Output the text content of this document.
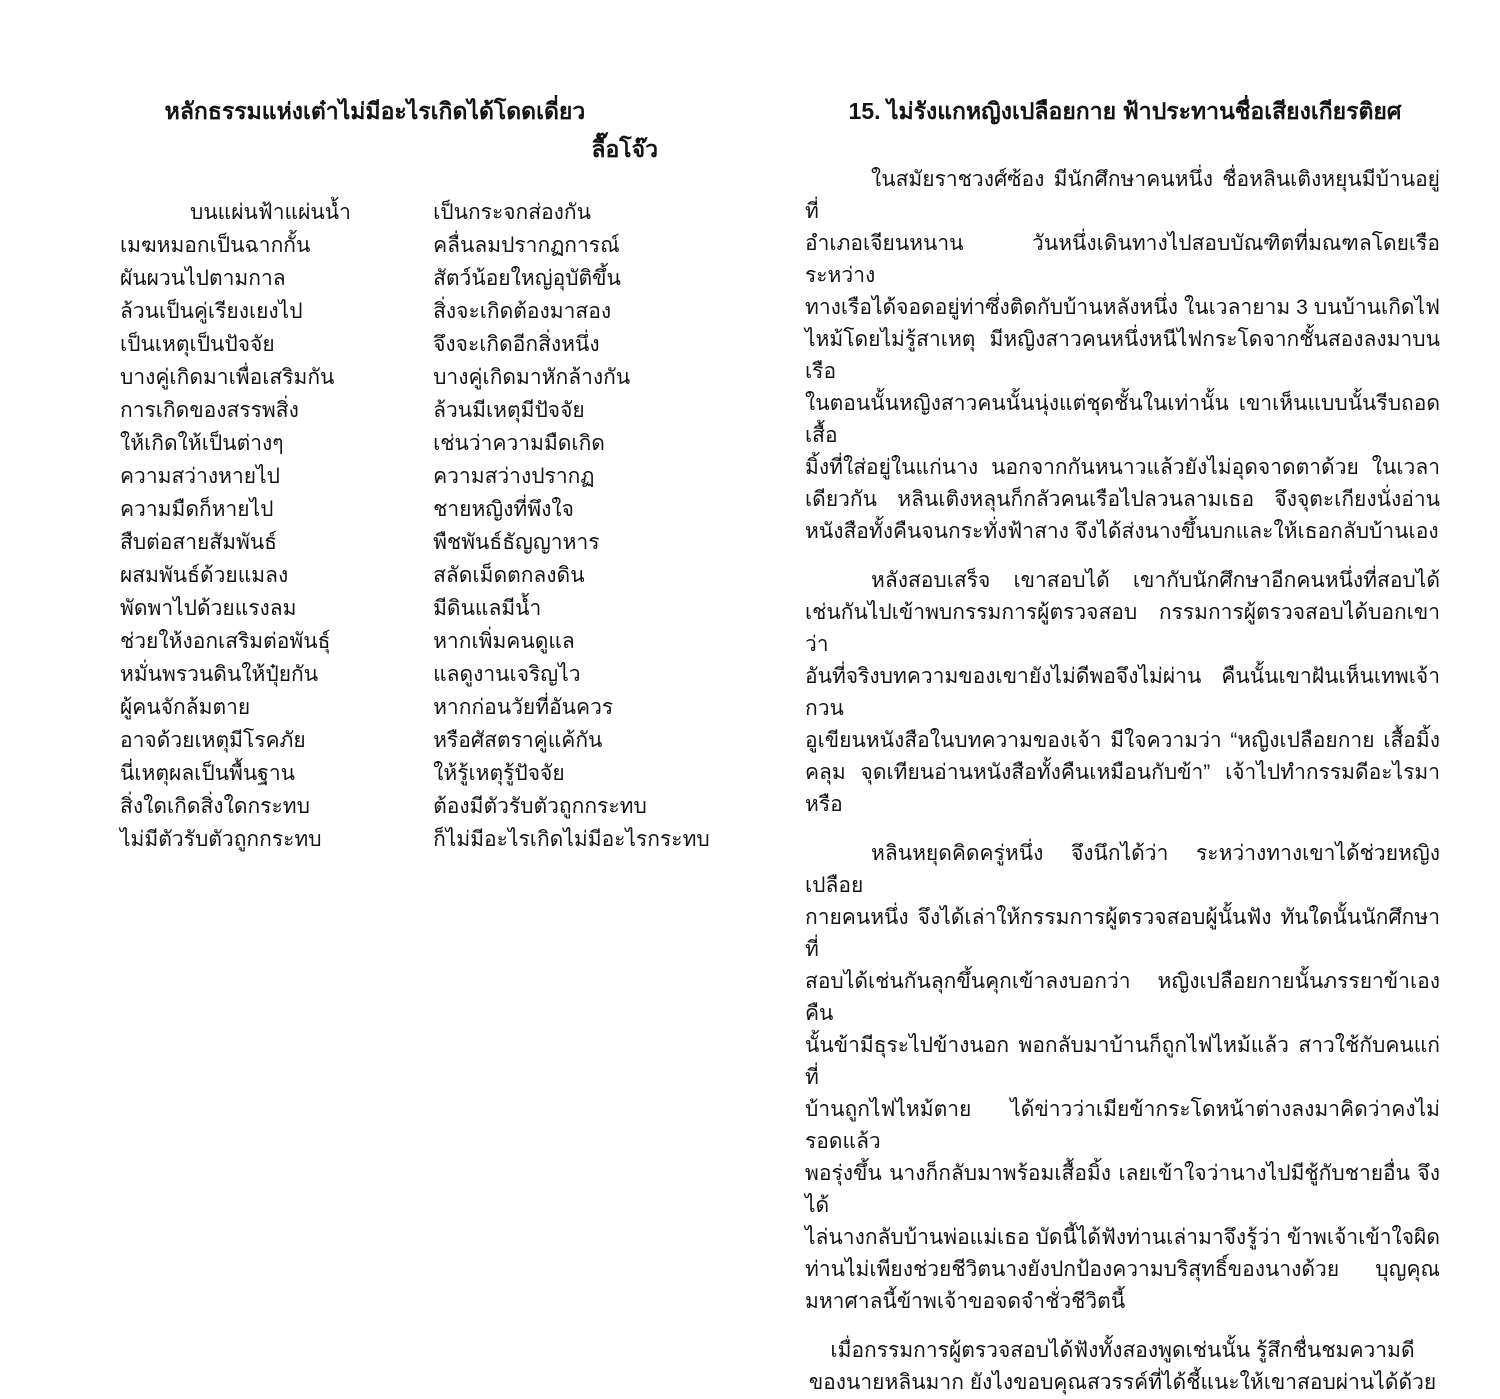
หลักธรรมแห่งเต๋าไม่มีอะไรเกิดได้โดดเดี่ยว
ลื๊อโจ๊ว
บนแผ่นฟ้าแผ่นน้ำ
เมฆหมอกเป็นฉากกั้น
ผันผวนไปตามกาล
ล้วนเป็นคู่เรียงเยงไป
เป็นเหตุเป็นปัจจัย
บางคู่เกิดมาเพื่อเสริมกัน
การเกิดของสรรพสิ่ง
ให้เกิดให้เป็นต่างๆ
ความสว่างหายไป
ความมืดก็หายไป
สืบต่อสายสัมพันธ์
ผสมพันธ์ด้วยแมลง
พัดพาไปด้วยแรงลม
ช่วยให้งอกเสริมต่อพันธุ์
หมั่นพรวนดินให้ปุ๋ยกัน
ผู้คนจักล้มตาย
อาจด้วยเหตุมีโรคภัย
นี่เหตุผลเป็นพื้นฐาน
สิ่งใดเกิดสิ่งใดกระทบ
ไม่มีตัวรับตัวถูกกระทบ
เป็นกระจกส่องกัน
คลื่นลมปรากฏการณ์
สัตว์น้อยใหญ่อุบัติขึ้น
สิ่งจะเกิดต้องมาสอง
จึงจะเกิดอีกสิ่งหนึ่ง
บางคู่เกิดมาหักล้างกัน
ล้วนมีเหตุมีปัจจัย
เช่นว่าความมืดเกิด
ความสว่างปรากฏ
ชายหญิงที่พึงใจ
พืชพันธ์ธัญญาหาร
สลัดเม็ดตกลงดิน
มีดินแลมีน้ำ
หากเพิ่มคนดูแล
แลดูงานเจริญไว
หากก่อนวัยที่อันควร
หรือศัสตราคู่แค้กัน
ให้รู้เหตุรู้ปัจจัย
ต้องมีตัวรับตัวถูกกระทบ
ก็ไม่มีอะไรเกิดไม่มีอะไรกระทบ
15. ไม่รังแกหญิงเปลือยกาย ฟ้าประทานชื่อเสียงเกียรติยศ
ในสมัยราชวงศ์ซ้อง มีนักศึกษาคนหนึ่ง ชื่อหลินเติงหยุนมีบ้านอยู่ที่
อำเภอเจียนหนาน วันหนึ่งเดินทางไปสอบบัณฑิตที่มณฑลโดยเรือ ระหว่าง
ทางเรือได้จอดอยู่ท่าซึ่งติดกับบ้านหลังหนึ่ง ในเวลายาม 3 บนบ้านเกิดไฟ
ไหม้โดยไม่รู้สาเหตุ มีหญิงสาวคนหนึ่งหนีไฟกระโดจากชั้นสองลงมาบนเรือ
ในตอนนั้นหญิงสาวคนนั้นนุ่งแต่ชุดชั้นในเท่านั้น เขาเห็นแบบนั้นรีบถอดเสื้อ
มิ้งที่ใส่อยู่ในแก่นาง นอกจากกันหนาวแล้วยังไม่อุดจาดตาด้วย ในเวลา
เดียวกัน หลินเติงหลุนก็กลัวคนเรือไปลวนลามเธอ จึงจุตะเกียงนั่งอ่าน
หนังสือทั้งคืนจนกระทั่งฟ้าสาง จึงได้ส่งนางขึ้นบกและให้เธอกลับบ้านเอง
หลังสอบเสร็จ เขาสอบได้ เขากับนักศึกษาอีกคนหนึ่งที่สอบได้
เช่นกันไปเข้าพบกรรมการผู้ตรวจสอบ กรรมการผู้ตรวจสอบได้บอกเขาว่า
อันที่จริงบทความของเขายังไม่ดีพอจึงไม่ผ่าน คืนนั้นเขาฝันเห็นเทพเจ้ากวน
อูเขียนหนังสือในบทความของเจ้า มีใจความว่า “หญิงเปลือยกาย เสื้อมิ้ง
คลุม จุดเทียนอ่านหนังสือทั้งคืนเหมือนกับข้า” เจ้าไปทำกรรมดีอะไรมาหรือ
หลินหยุดคิดครู่หนึ่ง จึงนึกได้ว่า ระหว่างทางเขาได้ช่วยหญิงเปลือย
กายคนหนึ่ง จึงได้เล่าให้กรรมการผู้ตรวจสอบผู้นั้นฟัง ทันใดนั้นนักศึกษาที่
สอบได้เช่นกันลุกขึ้นคุกเข้าลงบอกว่า หญิงเปลือยกายนั้นภรรยาข้าเอง คืน
นั้นข้ามีธุระไปข้างนอก พอกลับมาบ้านก็ถูกไฟไหม้แล้ว สาวใช้กับคนแก่ที่
บ้านถูกไฟไหม้ตาย ได้ข่าวว่าเมียข้ากระโดหน้าต่างลงมาคิดว่าคงไม่รอดแล้ว
พอรุ่งขึ้น นางก็กลับมาพร้อมเสื้อมิ้ง เลยเข้าใจว่านางไปมีชู้กับชายอื่น จึงได้
ไล่นางกลับบ้านพ่อแม่เธอ บัดนี้ได้ฟังท่านเล่ามาจึงรู้ว่า ข้าพเจ้าเข้าใจผิด
ท่านไม่เพียงช่วยชีวิตนางยังปกป้องความบริสุทธิ์ของนางด้วย บุญคุณ
มหาศาลนี้ข้าพเจ้าขอจดจำชั่วชีวิตนี้
เมื่อกรรมการผู้ตรวจสอบได้ฟังทั้งสองพูดเช่นนั้น รู้สึกชื่นชมความดี
ของนายหลินมาก ยังไงขอบคุณสวรรค์ที่ได้ชี้แนะให้เขาสอบผ่านได้ด้วย
